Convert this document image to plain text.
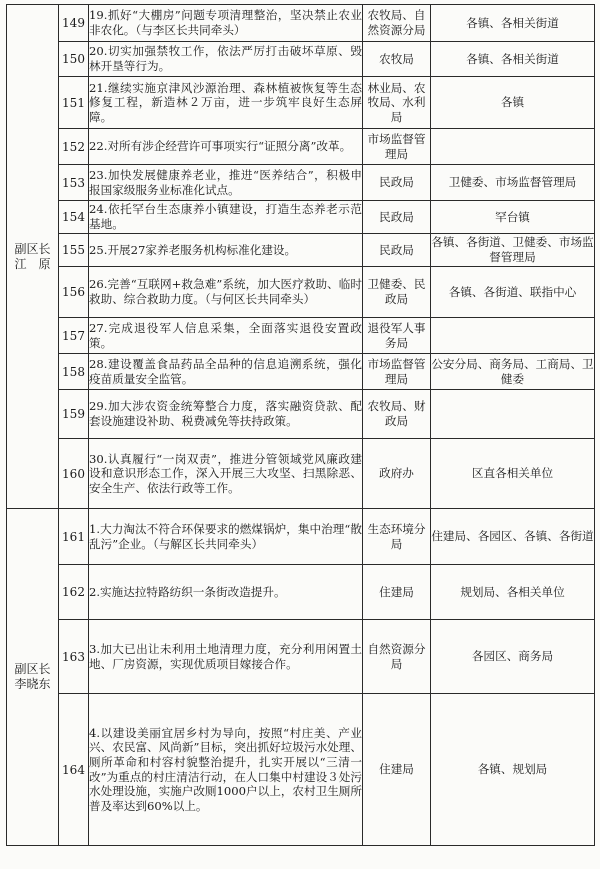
副区长
江　原	149	19.抓好“大棚房”问题专项清理整治，坚决禁止农业非农化。（与李区长共同牵头）	农牧局、自然资源分局	各镇、各相关街道
	150	20.切实加强禁牧工作，依法严厉打击破坏草原、毁林开垦等行为。	农牧局	各镇、各相关街道
	151	21.继续实施京津风沙源治理、森林植被恢复等生态修复工程，新造林２万亩，进一步筑牢良好生态屏障。	林业局、农牧局、水利局	各镇
	152	22.对所有涉企经营许可事项实行“证照分离”改革。	市场监督管理局	
	153	23.加快发展健康养老业，推进“医养结合”，积极申报国家级服务业标准化试点。	民政局	卫健委、市场监督管理局
	154	24.依托罕台生态康养小镇建设，打造生态养老示范基地。	民政局	罕台镇
	155	25.开展27家养老服务机构标准化建设。	民政局	各镇、各街道、卫健委、市场监督管理局
	156	26.完善“互联网+救急难”系统，加大医疗救助、临时救助、综合救助力度。（与何区长共同牵头）	卫健委、民政局	各镇、各街道、联指中心
	157	27.完成退役军人信息采集，全面落实退役安置政策。	退役军人事务局	
	158	28.建设覆盖食品药品全品种的信息追溯系统，强化疫苗质量安全监管。	市场监督管理局	公安分局、商务局、工商局、卫健委
	159	29.加大涉农资金统筹整合力度，落实融资贷款、配套设施建设补助、税费减免等扶持政策。	农牧局、财政局	
	160	30.认真履行“一岗双责”，推进分管领域党风廉政建设和意识形态工作，深入开展三大攻坚、扫黑除恶、安全生产、依法行政等工作。	政府办	区直各相关单位
副区长
李晓东	161	1.大力淘汰不符合环保要求的燃煤锅炉，集中治理“散乱污”企业。（与解区长共同牵头）	生态环境分局	住建局、各园区、各镇、各街道
	162	2.实施达拉特路纺织一条街改造提升。	住建局	规划局、各相关单位
	163	3.加大已出让未利用土地清理力度，充分利用闲置土地、厂房资源，实现优质项目嫁接合作。	自然资源分局	各园区、商务局
	164	4.以建设美丽宜居乡村为导向，按照“村庄美、产业兴、农民富、风尚新”目标，突出抓好垃圾污水处理、厕所革命和村容村貌整治提升，扎实开展以“三清一改”为重点的村庄清洁行动，在人口集中村建设３处污水处理设施，实施户改厕1000户以上，农村卫生厕所普及率达到60%以上。	住建局	各镇、规划局
